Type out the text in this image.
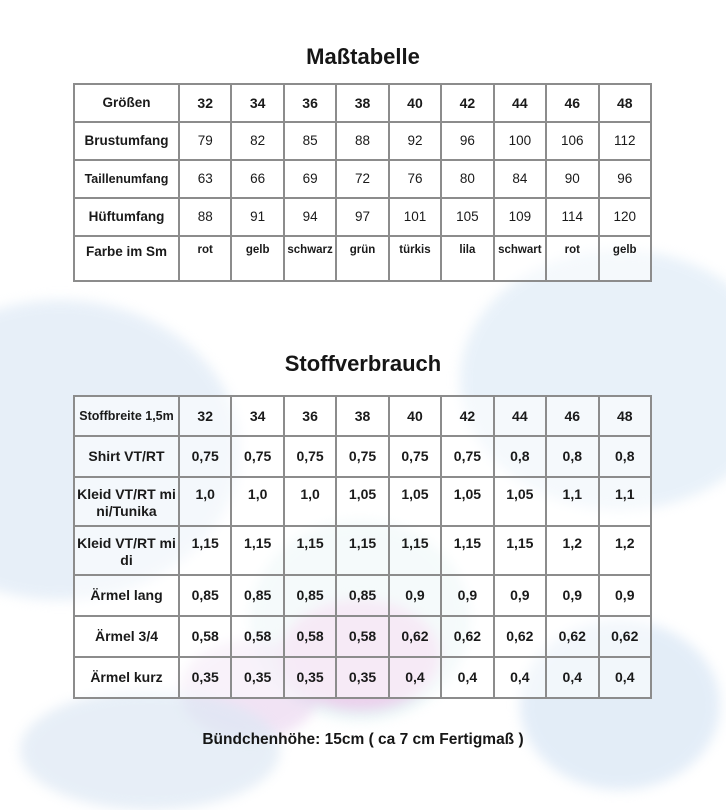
Maßtabelle
Größen	32	34	36	38	40	42	44	46	48
Brustumfang	79	82	85	88	92	96	100	106	112
Taillenumfang	63	66	69	72	76	80	84	90	96
Hüftumfang	88	91	94	97	101	105	109	114	120
Farbe im Sm	rot	gelb	schwarz	grün	türkis	lila	schwart	rot	gelb
Stoffverbrauch
Stoffbreite 1,5m	32	34	36	38	40	42	44	46	48
Shirt VT/RT	0,75	0,75	0,75	0,75	0,75	0,75	0,8	0,8	0,8
Kleid VT/RT mini/Tunika	1,0	1,0	1,0	1,05	1,05	1,05	1,05	1,1	1,1
Kleid VT/RT midi	1,15	1,15	1,15	1,15	1,15	1,15	1,15	1,2	1,2
Ärmel lang	0,85	0,85	0,85	0,85	0,9	0,9	0,9	0,9	0,9
Ärmel 3/4	0,58	0,58	0,58	0,58	0,62	0,62	0,62	0,62	0,62
Ärmel kurz	0,35	0,35	0,35	0,35	0,4	0,4	0,4	0,4	0,4
Bündchenhöhe: 15cm ( ca 7 cm Fertigmaß )
